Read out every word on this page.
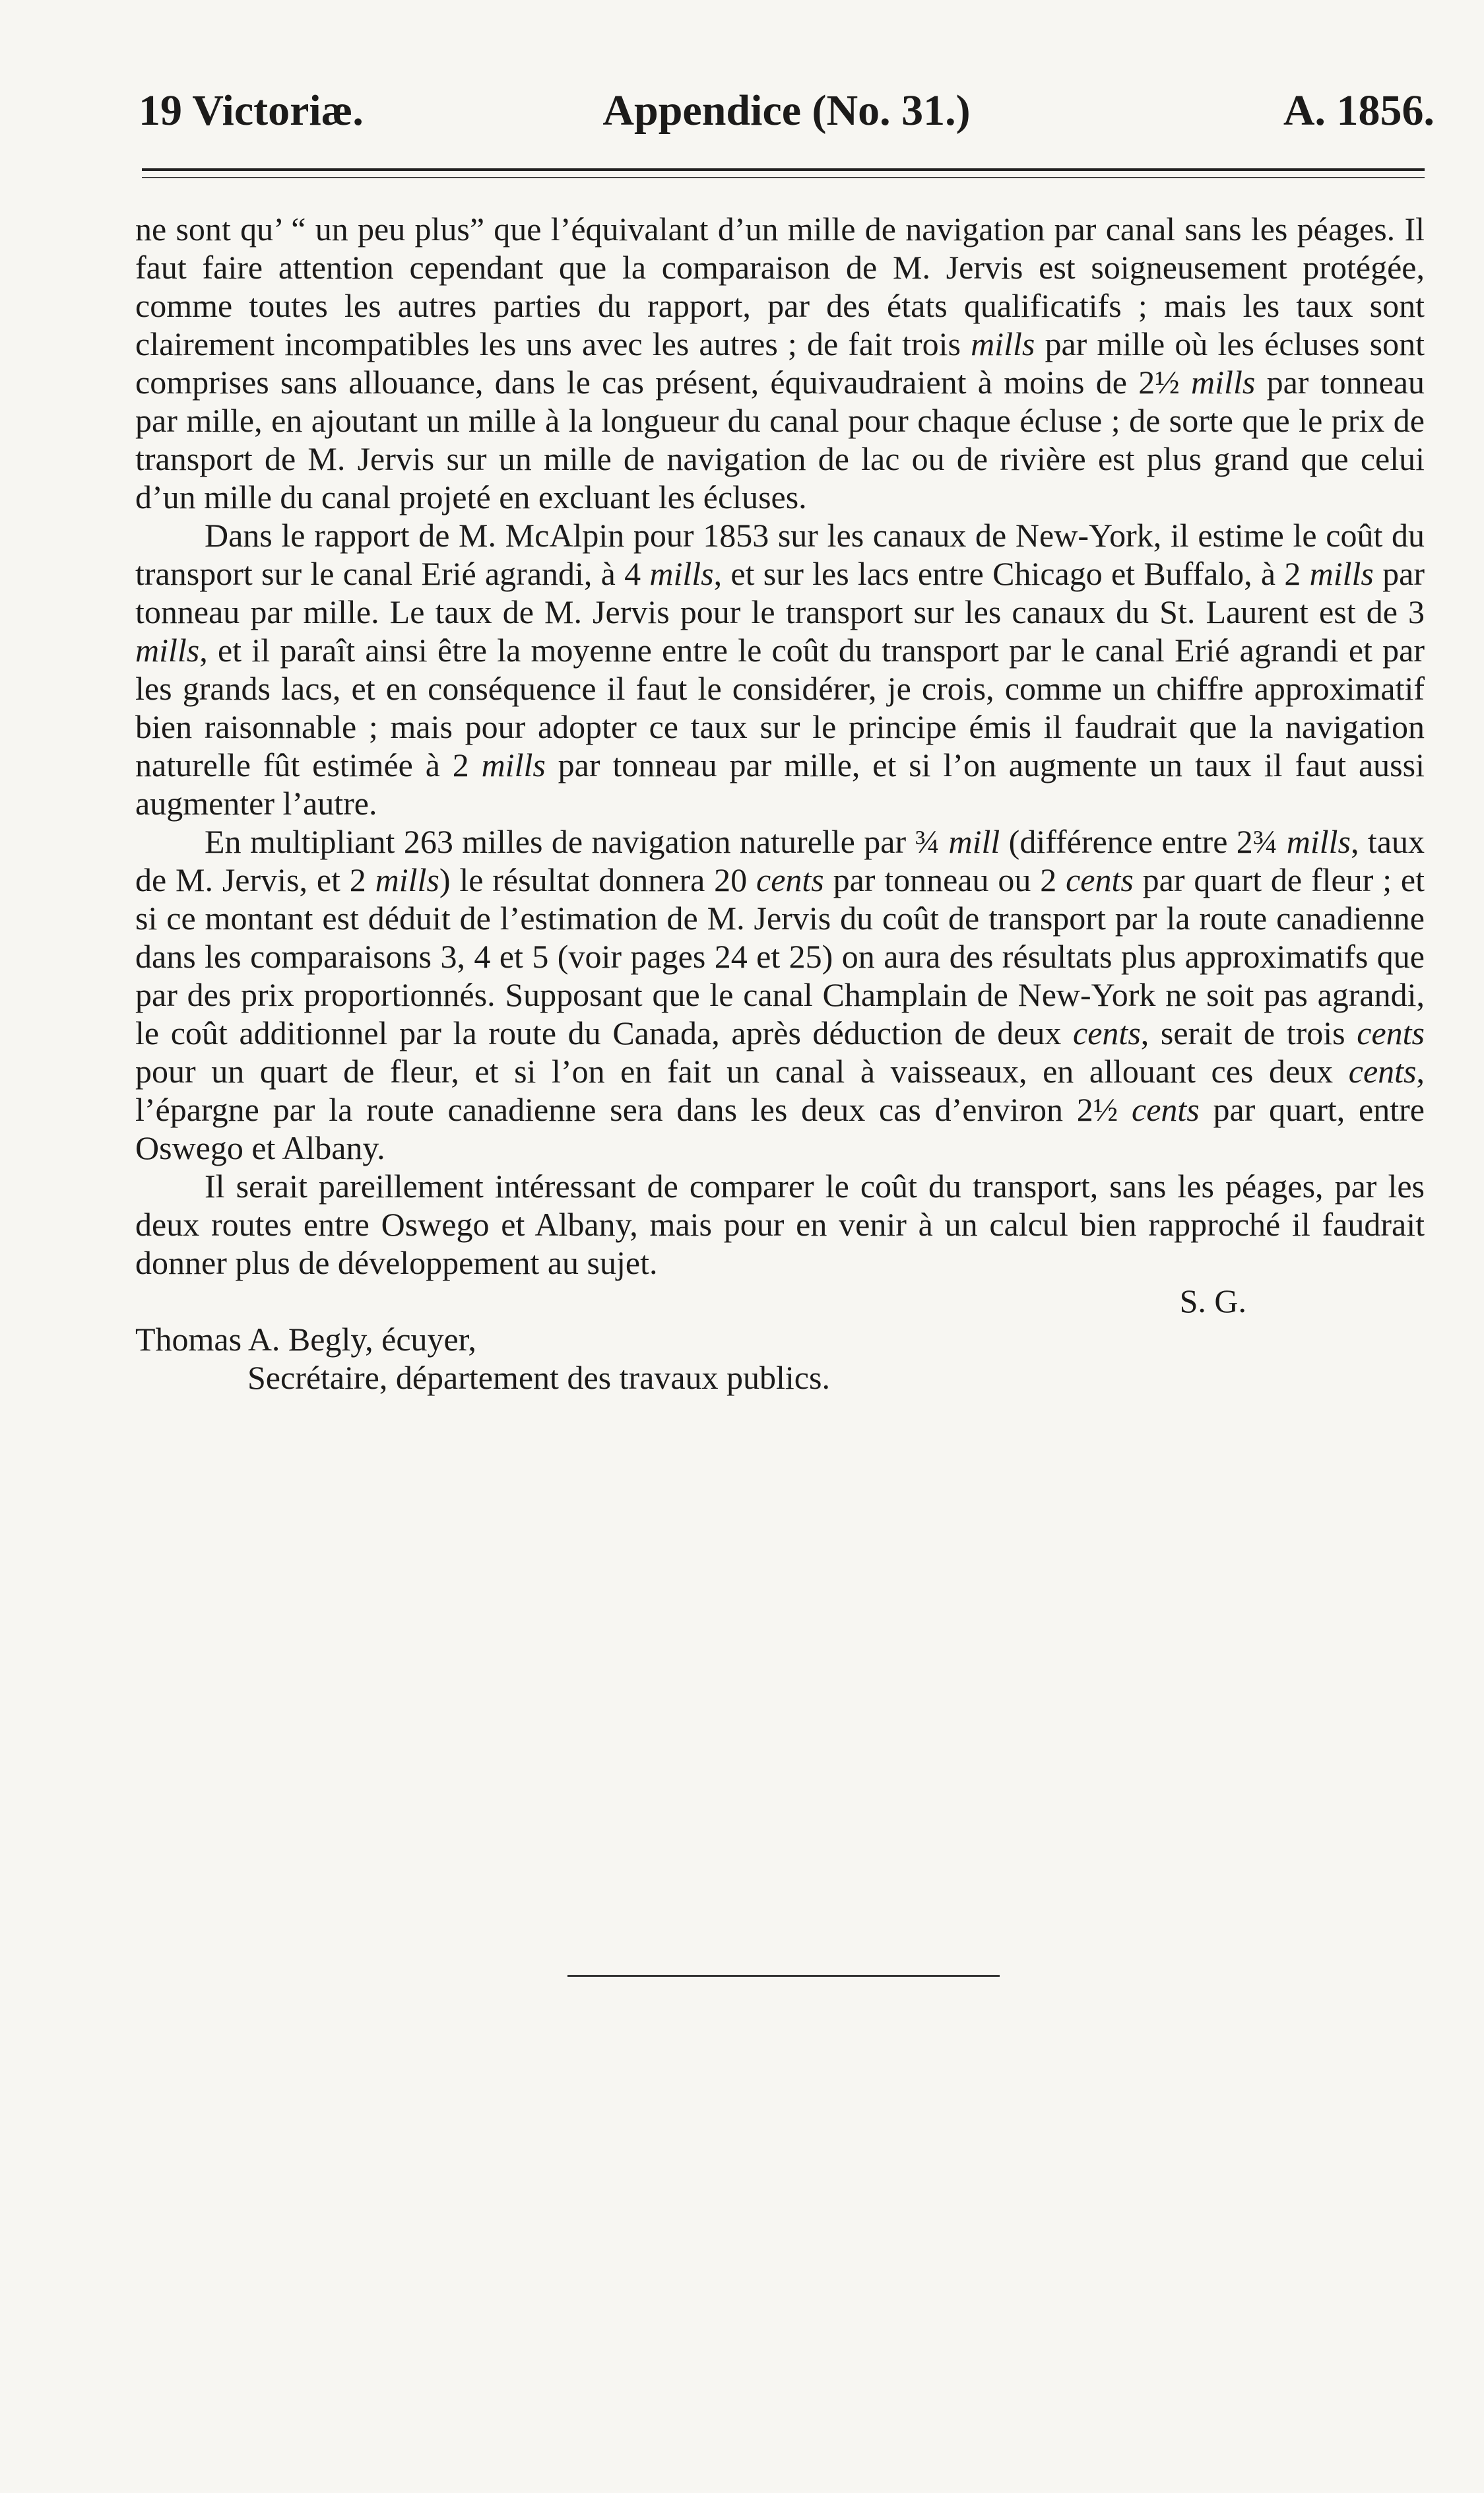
19 Victoriæ.	Appendice (No. 31.)	A. 1856.

ne sont qu’ “ un peu plus” que l’équivalant d’un mille de navigation par canal sans les péages. Il faut faire attention cependant que la comparaison de M. Jervis est soigneusement protégée, comme toutes les autres parties du rapport, par des états qualificatifs ; mais les taux sont clairement incompatibles les uns avec les autres ; de fait trois mills par mille où les écluses sont comprises sans allouance, dans le cas présent, équivaudraient à moins de 2½ mills par tonneau par mille, en ajoutant un mille à la longueur du canal pour chaque écluse ; de sorte que le prix de transport de M. Jervis sur un mille de navigation de lac ou de rivière est plus grand que celui d’un mille du canal projeté en excluant les écluses.

Dans le rapport de M. McAlpin pour 1853 sur les canaux de New-York, il estime le coût du transport sur le canal Erié agrandi, à 4 mills, et sur les lacs entre Chicago et Buffalo, à 2 mills par tonneau par mille. Le taux de M. Jervis pour le transport sur les canaux du St. Laurent est de 3 mills, et il paraît ainsi être la moyenne entre le coût du transport par le canal Erié agrandi et par les grands lacs, et en conséquence il faut le considérer, je crois, comme un chiffre approximatif bien raisonnable ; mais pour adopter ce taux sur le principe émis il faudrait que la navigation naturelle fût estimée à 2 mills par tonneau par mille, et si l’on augmente un taux il faut aussi augmenter l’autre.

En multipliant 263 milles de navigation naturelle par ¾ mill (différence entre 2¾ mills, taux de M. Jervis, et 2 mills) le résultat donnera 20 cents par tonneau ou 2 cents par quart de fleur ; et si ce montant est déduit de l’estimation de M. Jervis du coût de transport par la route canadienne dans les comparaisons 3, 4 et 5 (voir pages 24 et 25) on aura des résultats plus approximatifs que par des prix proportionnés. Supposant que le canal Champlain de New-York ne soit pas agrandi, le coût additionnel par la route du Canada, après déduction de deux cents, serait de trois cents pour un quart de fleur, et si l’on en fait un canal à vaisseaux, en allouant ces deux cents, l’épargne par la route canadienne sera dans les deux cas d’environ 2½ cents par quart, entre Oswego et Albany.

Il serait pareillement intéressant de comparer le coût du transport, sans les péages, par les deux routes entre Oswego et Albany, mais pour en venir à un calcul bien rapproché il faudrait donner plus de développement au sujet.

S. G.

Thomas A. Begly, écuyer,

Secrétaire, département des travaux publics.
